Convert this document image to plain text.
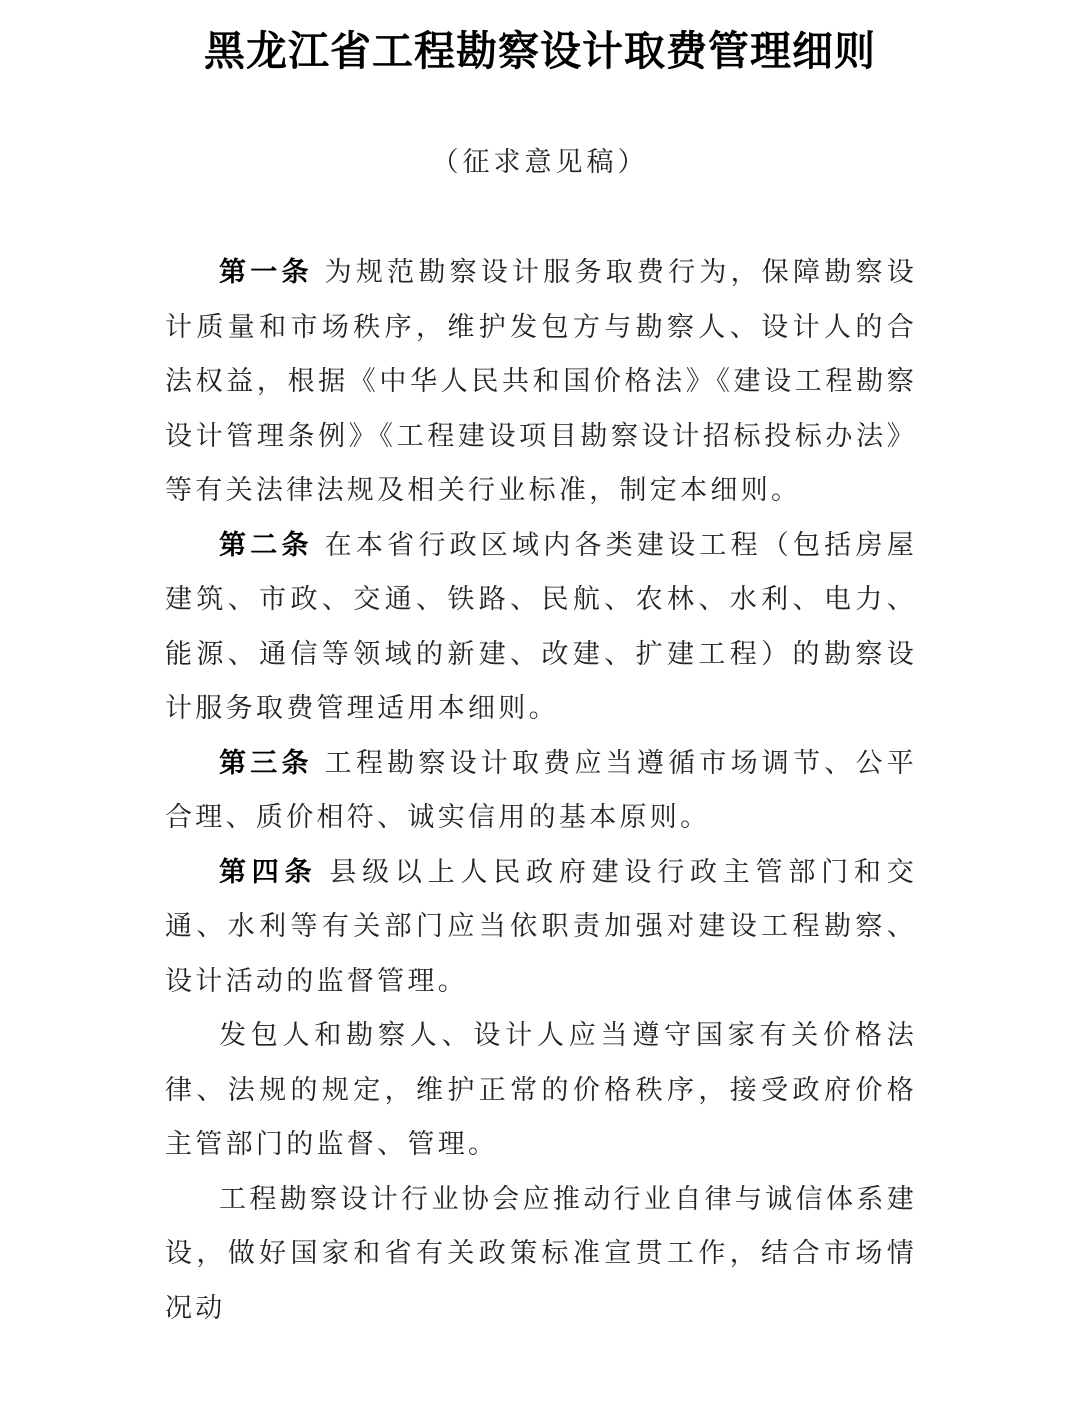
黑龙江省工程勘察设计取费管理细则
（征求意见稿）

第一条 为规范勘察设计服务取费行为，保障勘察设计质量和市场秩序，维护发包方与勘察人、设计人的合法权益，根据《中华人民共和国价格法》《建设工程勘察设计管理条例》《工程建设项目勘察设计招标投标办法》等有关法律法规及相关行业标准，制定本细则。

第二条 在本省行政区域内各类建设工程（包括房屋建筑、市政、交通、铁路、民航、农林、水利、电力、能源、通信等领域的新建、改建、扩建工程）的勘察设计服务取费管理适用本细则。

第三条 工程勘察设计取费应当遵循市场调节、公平合理、质价相符、诚实信用的基本原则。

第四条 县级以上人民政府建设行政主管部门和交通、水利等有关部门应当依职责加强对建设工程勘察、设计活动的监督管理。

发包人和勘察人、设计人应当遵守国家有关价格法律、法规的规定，维护正常的价格秩序，接受政府价格主管部门的监督、管理。

工程勘察设计行业协会应推动行业自律与诚信体系建设，做好国家和省有关政策标准宣贯工作，结合市场情况动
